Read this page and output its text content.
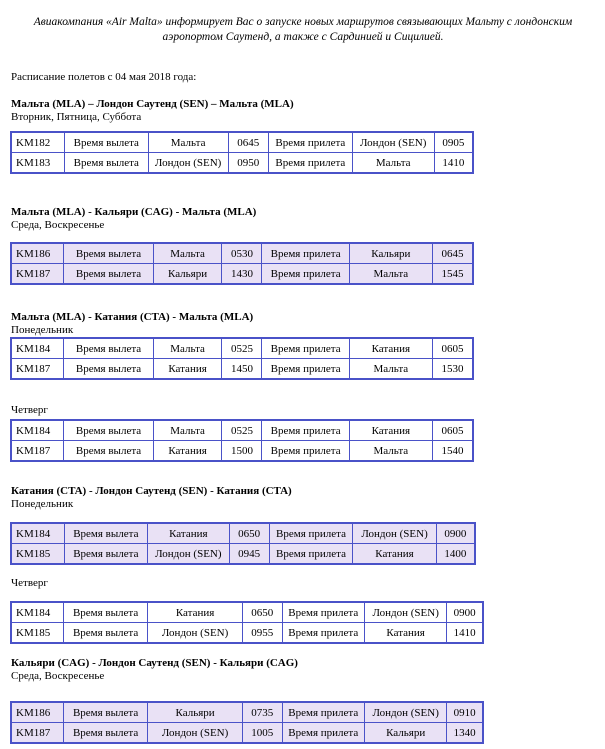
Авиакомпания «Air Malta» информирует Вас о запуске новых маршрутов связывающих Мальту с лондонским аэропортом Саутенд, а также с Сардинией и Сицилией.
Расписание полетов с 04 мая 2018 года:
Мальта (MLA) – Лондон Саутенд (SEN) – Мальта (MLA)
Вторник, Пятница, Суббота
KM182	Время вылета	Мальта	0645	Время прилета	Лондон (SEN)	0905
KM183	Время вылета	Лондон (SEN)	0950	Время прилета	Мальта	1410
Мальта (MLA) - Кальяри (CAG) - Мальта (MLA)
Среда, Воскресенье
KM186	Время вылета	Мальта	0530	Время прилета	Кальяри	0645
KM187	Время вылета	Кальяри	1430	Время прилета	Мальта	1545
Мальта (MLA) - Катания (CTA) - Мальта (MLA)
Понедельник
KM184	Время вылета	Мальта	0525	Время прилета	Катания	0605
KM187	Время вылета	Катания	1450	Время прилета	Мальта	1530
Четверг
KM184	Время вылета	Мальта	0525	Время прилета	Катания	0605
KM187	Время вылета	Катания	1500	Время прилета	Мальта	1540
Катания (CTA) - Лондон Саутенд (SEN) - Катания (CTA)
Понедельник
KM184	Время вылета	Катания	0650	Время прилета	Лондон (SEN)	0900
KM185	Время вылета	Лондон (SEN)	0945	Время прилета	Катания	1400
Четверг
KM184	Время вылета	Катания	0650	Время прилета	Лондон (SEN)	0900
KM185	Время вылета	Лондон (SEN)	0955	Время прилета	Катания	1410
Кальяри (CAG) - Лондон Саутенд (SEN) - Кальяри (CAG)
Среда, Воскресенье
KM186	Время вылета	Кальяри	0735	Время прилета	Лондон (SEN)	0910
KM187	Время вылета	Лондон (SEN)	1005	Время прилета	Кальяри	1340
